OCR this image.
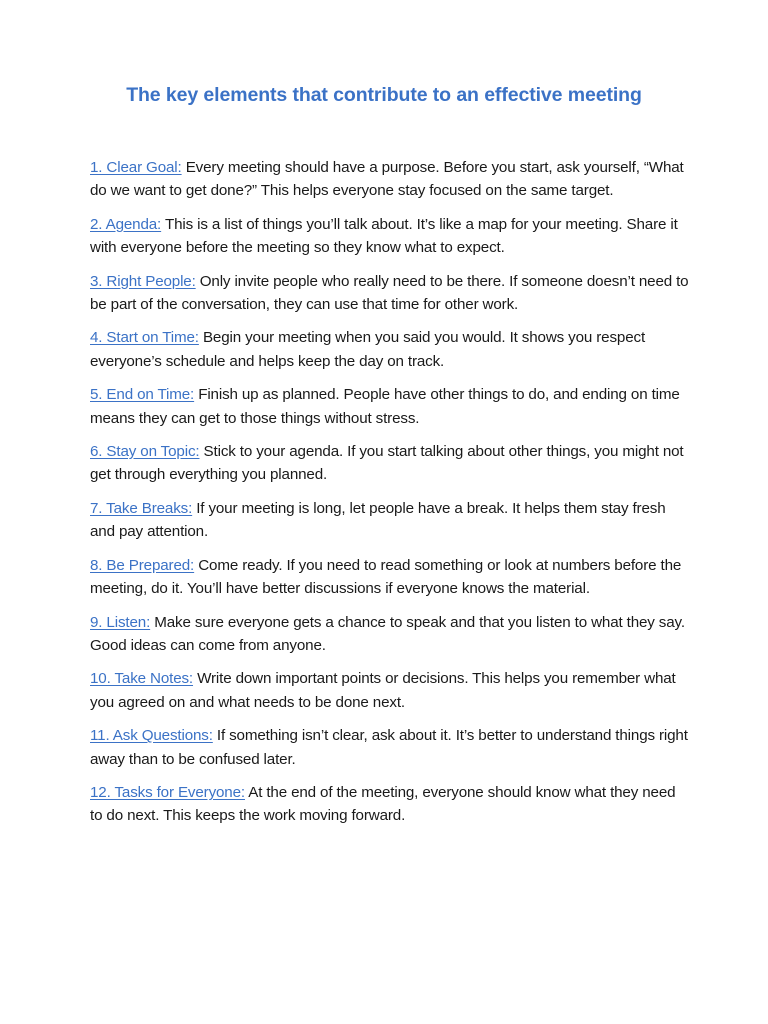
The key elements that contribute to an effective meeting

1. Clear Goal: Every meeting should have a purpose. Before you start, ask yourself, “What do we want to get done?” This helps everyone stay focused on the same target.

2. Agenda: This is a list of things you’ll talk about. It’s like a map for your meeting. Share it with everyone before the meeting so they know what to expect.

3. Right People: Only invite people who really need to be there. If someone doesn’t need to be part of the conversation, they can use that time for other work.

4. Start on Time: Begin your meeting when you said you would. It shows you respect everyone’s schedule and helps keep the day on track.

5. End on Time: Finish up as planned. People have other things to do, and ending on time means they can get to those things without stress.

6. Stay on Topic: Stick to your agenda. If you start talking about other things, you might not get through everything you planned.

7. Take Breaks: If your meeting is long, let people have a break. It helps them stay fresh and pay attention.

8. Be Prepared: Come ready. If you need to read something or look at numbers before the meeting, do it. You’ll have better discussions if everyone knows the material.

9. Listen: Make sure everyone gets a chance to speak and that you listen to what they say. Good ideas can come from anyone.

10. Take Notes: Write down important points or decisions. This helps you remember what you agreed on and what needs to be done next.

11. Ask Questions: If something isn’t clear, ask about it. It’s better to understand things right away than to be confused later.

12. Tasks for Everyone: At the end of the meeting, everyone should know what they need to do next. This keeps the work moving forward.
